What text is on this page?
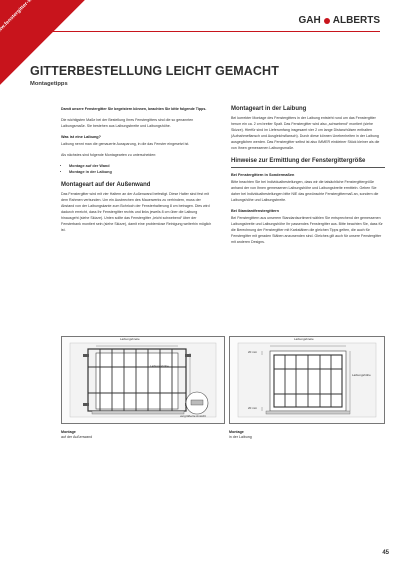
GAH ALBERTS
GITTERBESTELLUNG LEICHT GEMACHT
Montagetipps

Damit unsere Fenstergitter Sie begeistern können, beachten Sie bitte folgende Tipps.

Die wichtigsten Maße bei der Bestellung Ihres Fenstergitters sind die so genannten Laibungsmaße. Sie bestehen aus Laibungsbreite und Laibungshöhe.

Was ist eine Laibung?

Laibung nennt man die gemauerte Aussparung, in die das Fenster eingesetzt ist.

Als nächstes sind folgende Montagearten zu unterscheiden:

• Montage auf der Wand
• Montage in der Laibung
Montageart auf der Außenwand

Das Fenstergitter wird mit vier Haltern an der Außenwand befestigt. Diese Halter sind fest mit dem Rahmen verbunden. Um ein Ausbrechen des Mauerwerks zu verhindern, muss der Abstand von der Laibungskante zum Bohrloch der Fensterhalterung 8 cm betragen. Dies wird dadurch erreicht, dass Ihr Fenstergitter rechts und links jeweils 8 cm über die Laibung hinausgeht (siehe Skizze). Unten sollte das Fenstergitter „leicht schwebend“ über der Fensterbank montiert sein (siehe Skizze), damit eine problemlose Reinigung weiterhin möglich ist.

Montageart in der Laibung

Bei korrekter Montage des Fenstergitters in der Laibung entsteht rund um das Fenstergitter herum ein ca. 2 cm breiter Spalt. Das Fenstergitter wird also „schwebend“ montiert (siehe Skizze). Hierfür sind im Lieferumfang insgesamt vier 2 cm lange Distanzhülsen enthalten (Aufnahmeflansch und Ausgleichsflansch). Durch diese können Unebenheiten in der Laibung ausgeglichen werden. Das Fenstergitter selbst ist also IMMER einkleiner Stück kleiner als die von Ihnen gemessenen Laibungsmaße.

Hinweise zur Ermittlung der Fenstergittergröße
Bei Fenstergittern in Sondermaßen

Bitte beachten Sie bei Individualbestellungen, dass wir die tatsächliche Fenstergittergröße anhand der von Ihnen gemessenen Laibungshöhe und Laibungsbreite ermitteln. Geben Sie daher bei Individualbestellungen bitte NIE das gewünschte Fenstergittermaß an, sondern die Laibungshöhe und Laibungsbreite.

Bei Standardfenstergittern

Bei Fenstergittern aus unserem Standardsortiment wählen Sie entsprechend der gemessenen Laibungsbreite und Laibungshöhe Ihr passendes Fenstergitter aus. Bitte beachten Sie, dass für die Berechnung der Fenstergitter mit Karkstäben die gleichen Tipps gelten, die auch für Fenstergitter mit geraden Stäben anzuwenden sind. Gleiches gilt auch für unsere Fenstergitter mit anderen Designs.

Laibungsbreite
Laibungshöhe
vergrößerte Ansicht
Laibungsbreite
Laibungshöhe
20 mm
20 mm
Montage
auf der Außenwand
Montage
in der Laibung
45
